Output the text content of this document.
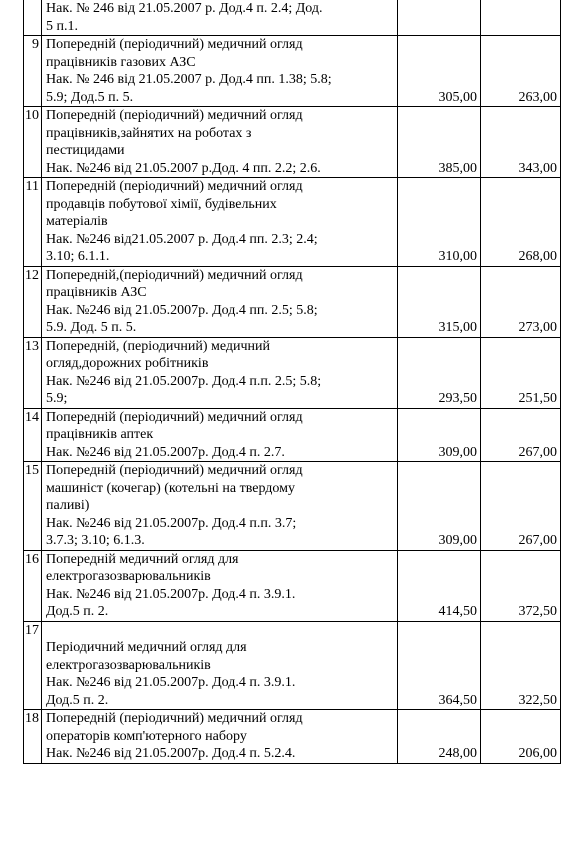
	Нак. № 246 від 21.05.2007 р. Дод.4 п. 2.4; Дод.
5 п.1.		

9	Попередній (періодичний) медичний огляд
працівників газових АЗС
Нак. № 246 від 21.05.2007 р. Дод.4 пп. 1.38; 5.8;
5.9; Дод.5 п. 5.	305,00	263,00
10	Попередній (періодичний) медичний огляд
працівників,зайнятих на роботах з
пестицидами
Нак. №246 від 21.05.2007 р.Дод. 4 пп. 2.2; 2.6.	385,00	343,00
11	Попередній (періодичний) медичний огляд
продавців побутової хімії, будівельних
матеріалів
Нак. №246 від21.05.2007 р. Дод.4 пп. 2.3; 2.4;
3.10; 6.1.1.	310,00	268,00
12	Попередній,(періодичний) медичний огляд
працівників АЗС
Нак. №246 від 21.05.2007р. Дод.4 пп. 2.5; 5.8;
5.9. Дод. 5 п. 5.	315,00	273,00
13	Попередній, (періодичний) медичний
огляд,дорожних робітників
Нак. №246 від 21.05.2007р. Дод.4 п.п. 2.5; 5.8;
5.9;	293,50	251,50
14	Попередній (періодичний) медичний огляд
працівників аптек
Нак. №246 від 21.05.2007р. Дод.4 п. 2.7.	309,00	267,00
15	Попередній (періодичний) медичний огляд
машиніст (кочегар) (котельні на твердому
паливі)
Нак. №246 від 21.05.2007р. Дод.4 п.п. 3.7;
3.7.3; 3.10; 6.1.3.	309,00	267,00
16	Попередній медичний огляд для
електрогазозварювальників
Нак. №246 від 21.05.2007р. Дод.4 п. 3.9.1.
Дод.5 п. 2.	414,50	372,50
17	Періодичний медичний огляд для
електрогазозварювальників
Нак. №246 від 21.05.2007р. Дод.4 п. 3.9.1.
Дод.5 п. 2.	364,50	322,50
18	Попередній (періодичний) медичний огляд
операторів комп'ютерного набору
Нак. №246 від 21.05.2007р. Дод.4 п. 5.2.4.	248,00	206,00
